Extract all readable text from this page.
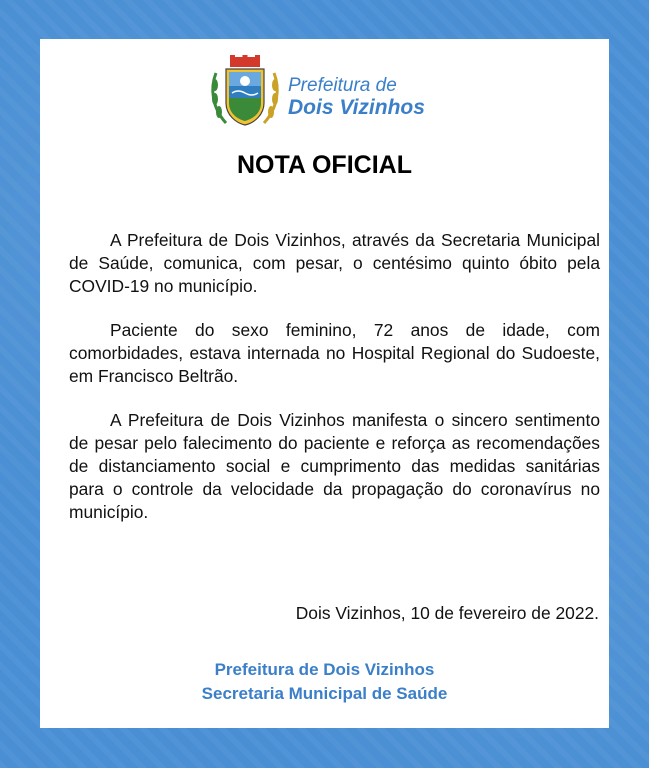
Prefeitura de
Dois Vizinhos
NOTA OFICIAL

A Prefeitura de Dois Vizinhos, através da Secretaria Municipal de Saúde, comunica, com pesar, o centésimo quinto óbito pela COVID-19 no município.

Paciente do sexo feminino, 72 anos de idade, com comorbidades, estava internada no Hospital Regional do Sudoeste, em Francisco Beltrão.

A Prefeitura de Dois Vizinhos manifesta o sincero sentimento de pesar pelo falecimento do paciente e reforça as recomendações de distanciamento social e cumprimento das medidas sanitárias para o controle da velocidade da propagação do coronavírus no município.

Dois Vizinhos, 10 de fevereiro de 2022.
Prefeitura de Dois Vizinhos
Secretaria Municipal de Saúde
